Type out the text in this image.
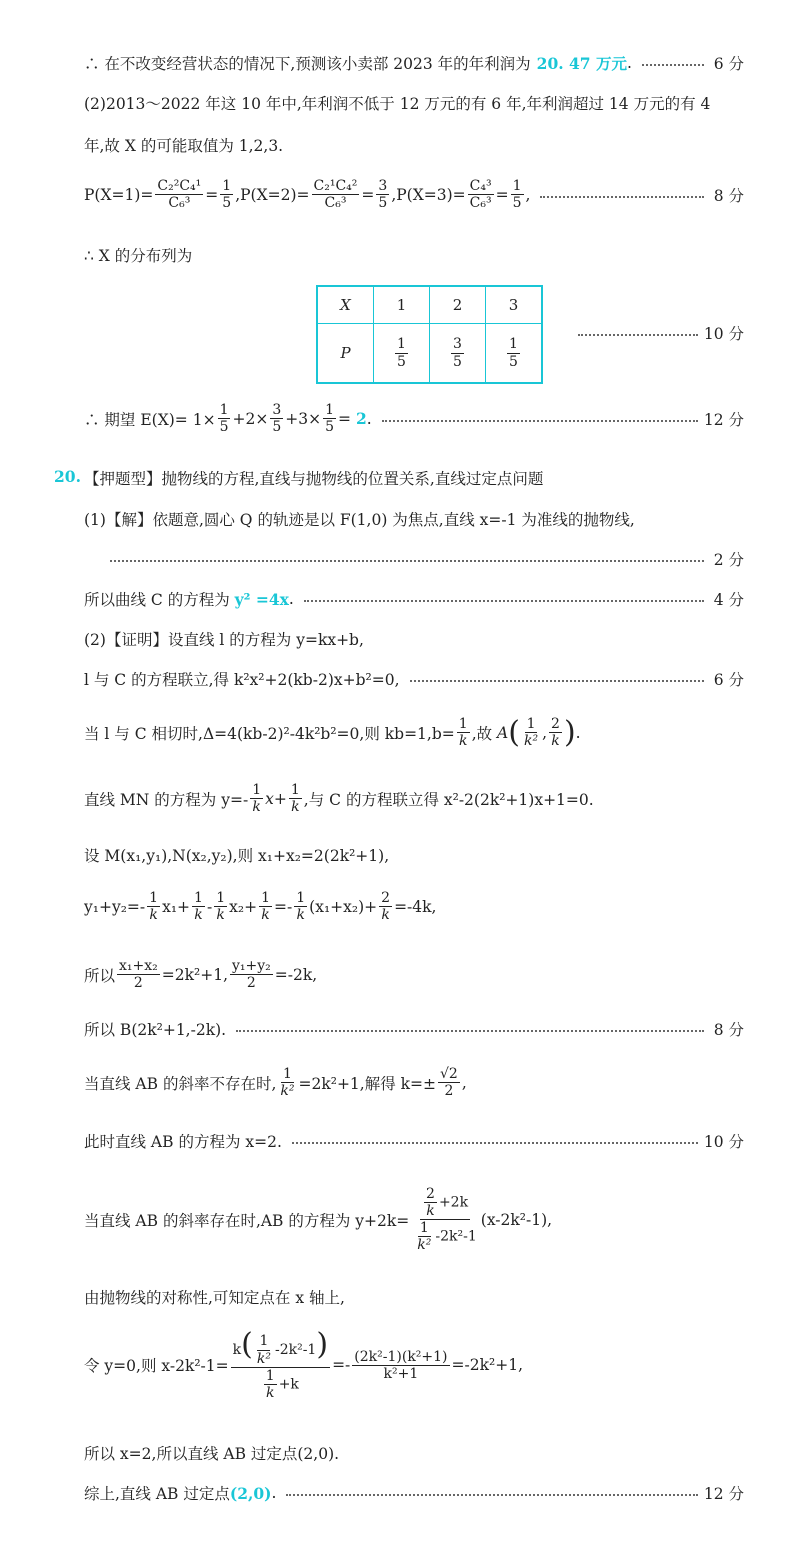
∴ 在不改变经营状态的情况下,预测该小卖部 2023 年的年利润为 20. 47 万元 .	6 分
(2)2013～2022 年这 10 年中,年利润不低于 12 万元的有 6 年,年利润超过 14 万元的有 4
年,故 X 的可能取值为 1,2,3.
$P(X=1)= \frac{\text{C₂²C₄¹}}{\text{C₆³}} = \frac{1}{5} ,P(X=2)= \frac{\text{C₂¹C₄²}}{\text{C₆³}} = \frac{3}{5} ,P(X=3)= \frac{\text{C₄³}}{\text{C₆³}} = \frac{1}{5}$ ,	8 分
∴ X 的分布列为
X	1	2	3
P	$\frac{1}{5}$	$\frac{3}{5}$	$\frac{1}{5}$
10 分
∴ 期望 $E(X)= 1\times \frac{1}{5} +2\times \frac{3}{5} +3\times \frac{1}{5} = 2$ .	12 分
20. 【押题型】抛物线的方程,直线与抛物线的位置关系,直线过定点问题
(1)【解】依题意,圆心 Q 的轨迹是以 F(1,0) 为焦点,直线 x=-1 为准线的抛物线,
2 分
所以曲线 C 的方程为
y² =4x .	4 分
(2)【证明】设直线 l 的方程为 y=kx+b,
l 与 C 的方程联立,得 k²x²+2(kb-2)x+b²=0,	6 分
当 l 与 C 相切时,Δ=4(kb-2)²-4k²b²=0,则 $kb=1,b= \frac{1}{k}$ ,故 A ( $\frac{1}{\text{k²}}$ , $\frac{2}{k}$ ) .
直线 MN 的方程为 $y=- \frac{1}{k}$ $x + \frac{1}{k}$ ,与 C 的方程联立得 x²-2(2k²+1)x+1=0.
设 M(x₁,y₁),N(x₂,y₂),则 x₁+x₂=2(2k²+1),
$y_1+y_2=- \frac{1}{k} x_1+ \frac{1}{k} - \frac{1}{k} x_2+ \frac{1}{k} =- \frac{1}{k} (x_1+x_2)+ \frac{2}{k} =-4k$,
所以 $\frac{\text{x₁+x₂}}{2} =2k^2+1$, $\frac{\text{y₁+y₂}}{2} =-2k$,
所以 B(2k²+1,-2k).	8 分
当直线 AB 的斜率不存在时, $\frac{1}{\text{k²}} =2k^2+1$,解得 $k=\pm \frac{√2}{2}$ ,
此时直线 AB 的方程为 x=2.	10 分
当直线 AB 的斜率存在时,AB 的方程为 $y+2k= \frac{\frac{2}{k} +2k}{\frac{1}{\text{k²}} -2k^2-1} (x-2k^2-1)$,
由抛物线的对称性,可知定点在 x 轴上,
令 y=0,则 $x-2k^2-1= \frac{k( \frac{1}{\text{k²}} -2k^2-1)}{\frac{1}{k} +k} =- \frac{\text{(2k²-1)(k²+1)}}{\text{k²+1}} =-2k^2+1$,
所以 x=2,所以直线 AB 过定点(2,0).
综上,直线 AB 过定点 (2,0) .	12 分
